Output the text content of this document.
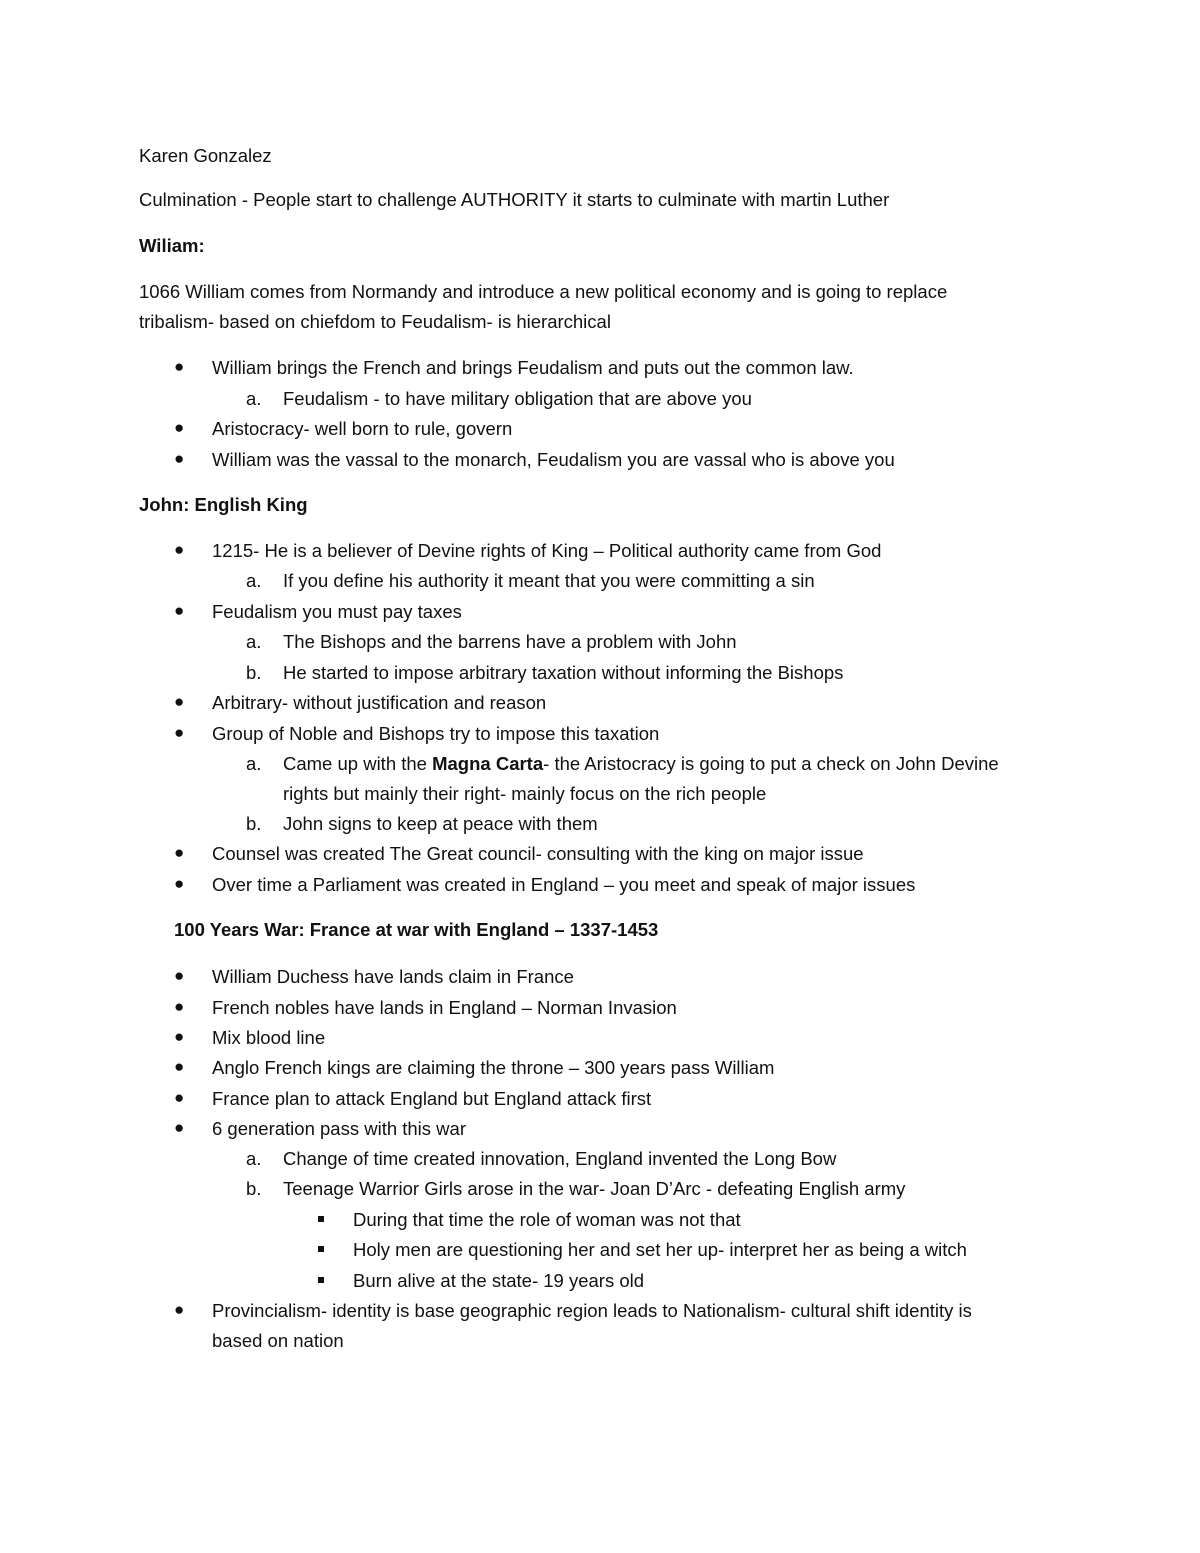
Karen Gonzalez
Culmination - People start to challenge AUTHORITY it starts to culminate with martin Luther
Wiliam:
1066 William comes from Normandy and introduce a new political economy and is going to replace
tribalism- based on chiefdom to Feudalism- is hierarchical
● William brings the French and brings Feudalism and puts out the common law.
a. Feudalism - to have military obligation that are above you
● Aristocracy- well born to rule, govern
● William was the vassal to the monarch, Feudalism you are vassal who is above you
John: English King
● 1215- He is a believer of Devine rights of King – Political authority came from God
a. If you define his authority it meant that you were committing a sin
● Feudalism you must pay taxes
a. The Bishops and the barrens have a problem with John
b. He started to impose arbitrary taxation without informing the Bishops
● Arbitrary- without justification and reason
● Group of Noble and Bishops try to impose this taxation
a. Came up with the Magna Carta- the Aristocracy is going to put a check on John Devine
rights but mainly their right- mainly focus on the rich people
b. John signs to keep at peace with them
● Counsel was created The Great council- consulting with the king on major issue
● Over time a Parliament was created in England – you meet and speak of major issues
100 Years War: France at war with England – 1337-1453
● William Duchess have lands claim in France
● French nobles have lands in England – Norman Invasion
● Mix blood line
● Anglo French kings are claiming the throne – 300 years pass William
● France plan to attack England but England attack first
● 6 generation pass with this war
a. Change of time created innovation, England invented the Long Bow
b. Teenage Warrior Girls arose in the war- Joan D’Arc - defeating English army
During that time the role of woman was not that
Holy men are questioning her and set her up- interpret her as being a witch
Burn alive at the state- 19 years old
● Provincialism- identity is base geographic region leads to Nationalism- cultural shift identity is
based on nation
